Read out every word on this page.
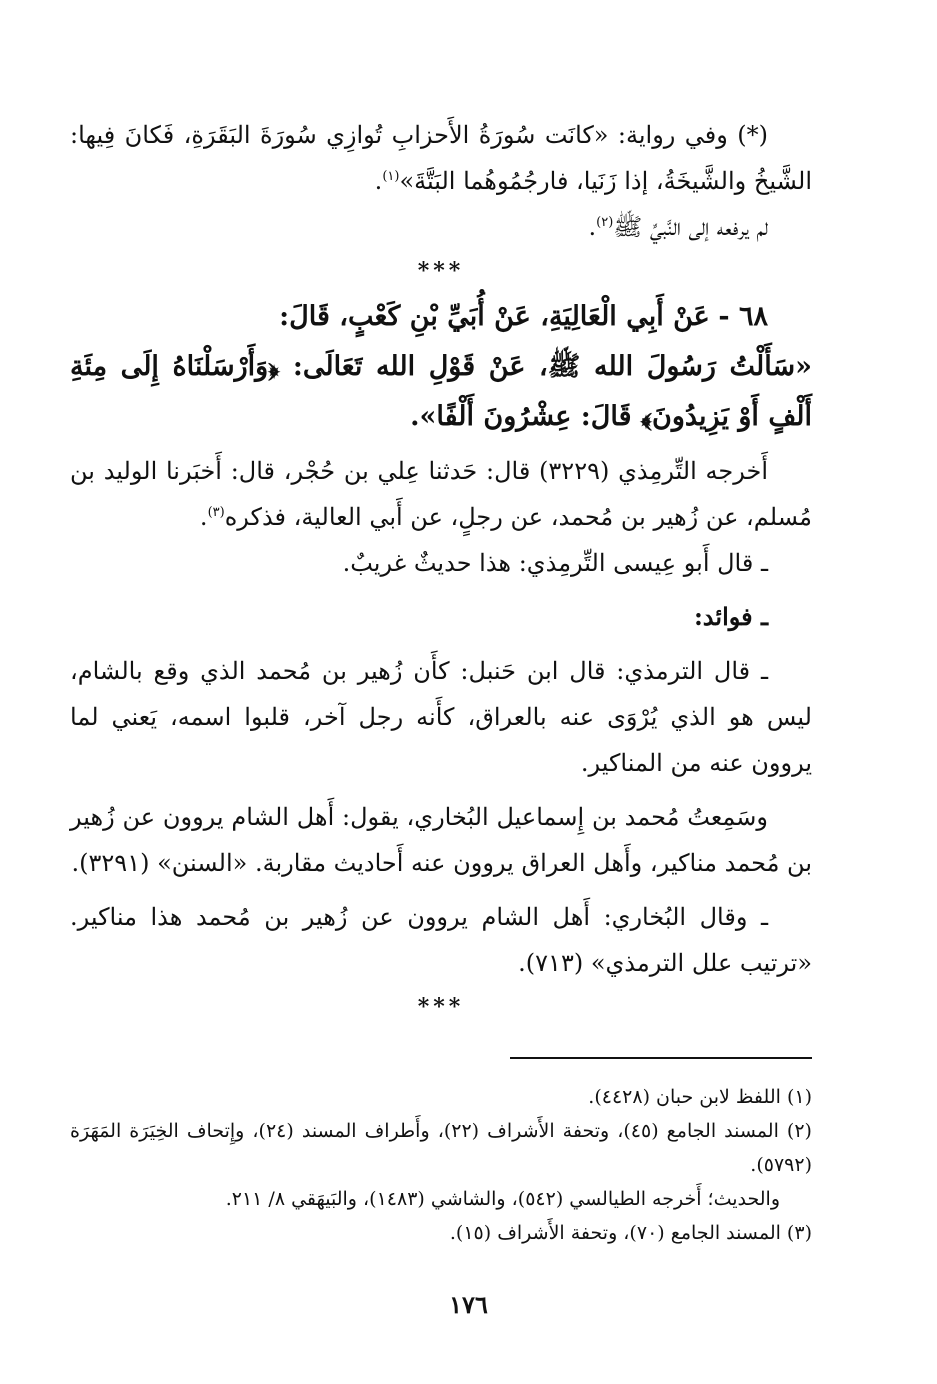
(*) وفي رواية: «كانَت سُورَةُ الأَحزابِ تُوازِي سُورَةَ البَقَرَةِ، فَكانَ فِيها: الشَّيخُ والشَّيخَةُ، إذا زَنَيا، فارجُمُوهُما البَتَّةَ»$^{(١)}$.

لم يرفعه إلى النَّبيِّ ﷺ$^{(٢)}$.

***

٦٨ - عَنْ أَبِي الْعَالِيَةِ، عَنْ أُبَيِّ بْنِ كَعْبٍ، قَالَ:

«سَأَلْتُ رَسُولَ الله ﷺ، عَنْ قَوْلِ الله تَعَالَى: ﴿وَأَرْسَلْنَاهُ إِلَى مِئَةِ أَلْفٍ أَوْ يَزِيدُونَ﴾ قَالَ: عِشْرُونَ أَلْفًا».

أَخرجه التِّرمِذي (٣٢٢٩) قال: حَدثنا عِلي بن حُجْر، قال: أَخبَرنا الوليد بن مُسلم، عن زُهير بن مُحمد، عن رجلٍ، عن أَبي العالية، فذكره$^{(٣)}$.

ـ قال أَبو عِيسى التِّرمِذي: هذا حديثٌ غريبٌ.

ـ فوائد:

ـ قال الترمذي: قال ابن حَنبل: كأَن زُهير بن مُحمد الذي وقع بالشام، ليس هو الذي يُرْوَى عنه بالعراق، كأَنه رجل آخر، قلبوا اسمه، يَعني لما يروون عنه من المناكير.

وسَمِعتُ مُحمد بن إِسماعيل البُخاري، يقول: أَهل الشام يروون عن زُهير بن مُحمد مناكير، وأَهل العراق يروون عنه أَحاديث مقاربة. «السنن» (٣٢٩١).

ـ وقال البُخاري: أَهل الشام يروون عن زُهير بن مُحمد هذا مناكير. «ترتيب علل الترمذي» (٧١٣).

***

(١) اللفظ لابن حبان (٤٤٢٨).

(٢) المسند الجامع (٤٥)، وتحفة الأَشراف (٢٢)، وأَطراف المسند (٢٤)، وإِتحاف الخِيَرَة المَهَرَة (٥٧٩٢).

والحديث؛ أَخرجه الطيالسي (٥٤٢)، والشاشي (١٤٨٣)، والبَيهَقي ٨/ ٢١١.

(٣) المسند الجامع (٧٠)، وتحفة الأَشراف (١٥).

١٧٦
